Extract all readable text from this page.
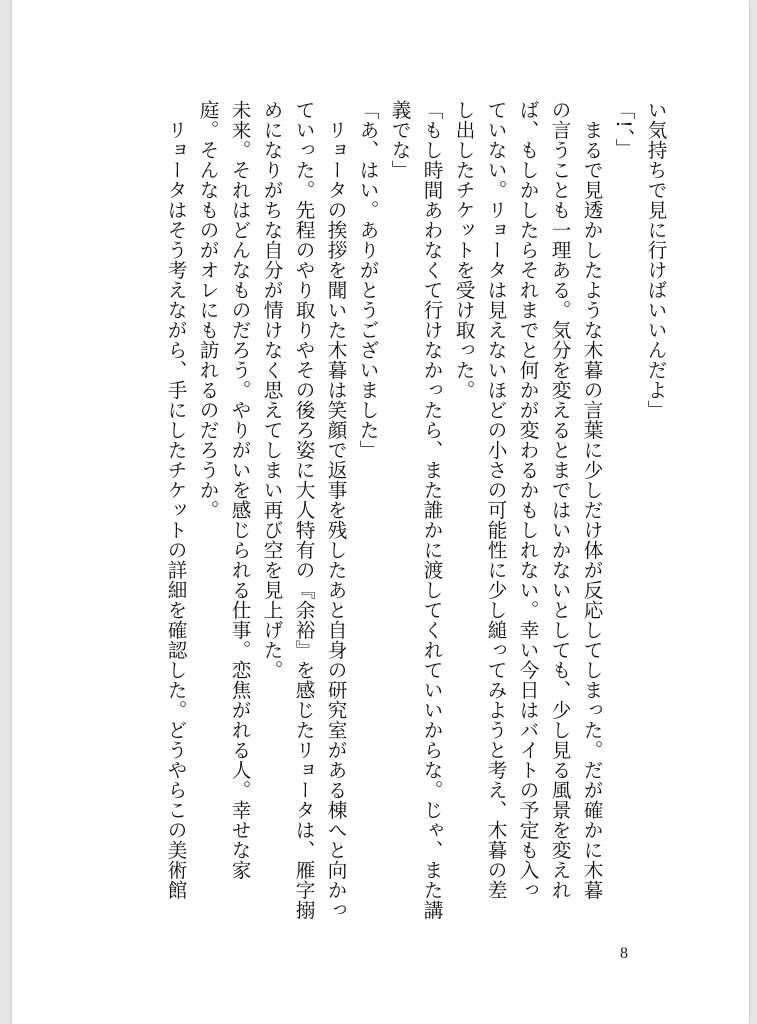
い気持ちで見に行けばいいんだよ」
「!、」
　まるで見透かしたような木暮の言葉に少しだけ体が反応してしまった。だが確かに木暮
の言うことも一理ある。気分を変えるとまではいかないとしても、少し見る風景を変えれ
ば、もしかしたらそれまでと何かが変わるかもしれない。幸い今日はバイトの予定も入っ
ていない。リョータは見えないほどの小さの可能性に少し縋ってみようと考え、木暮の差
し出したチケットを受け取った。
「もし時間あわなくて行けなかったら、また誰かに渡してくれていいからな。じゃ、また講
義でな」
「あ、はい。ありがとうございました」
　リョータの挨拶を聞いた木暮は笑顔で返事を残したあと自身の研究室がある棟へと向かっ
ていった。先程のやり取りやその後ろ姿に大人特有の『余裕』を感じたリョータは、雁字搦
めになりがちな自分が情けなく思えてしまい再び空を見上げた。
未来。それはどんなものだろう。やりがいを感じられる仕事。恋焦がれる人。幸せな家
庭。そんなものがオレにも訪れるのだろうか。
　リョータはそう考えながら、手にしたチケットの詳細を確認した。どうやらこの美術館
8
